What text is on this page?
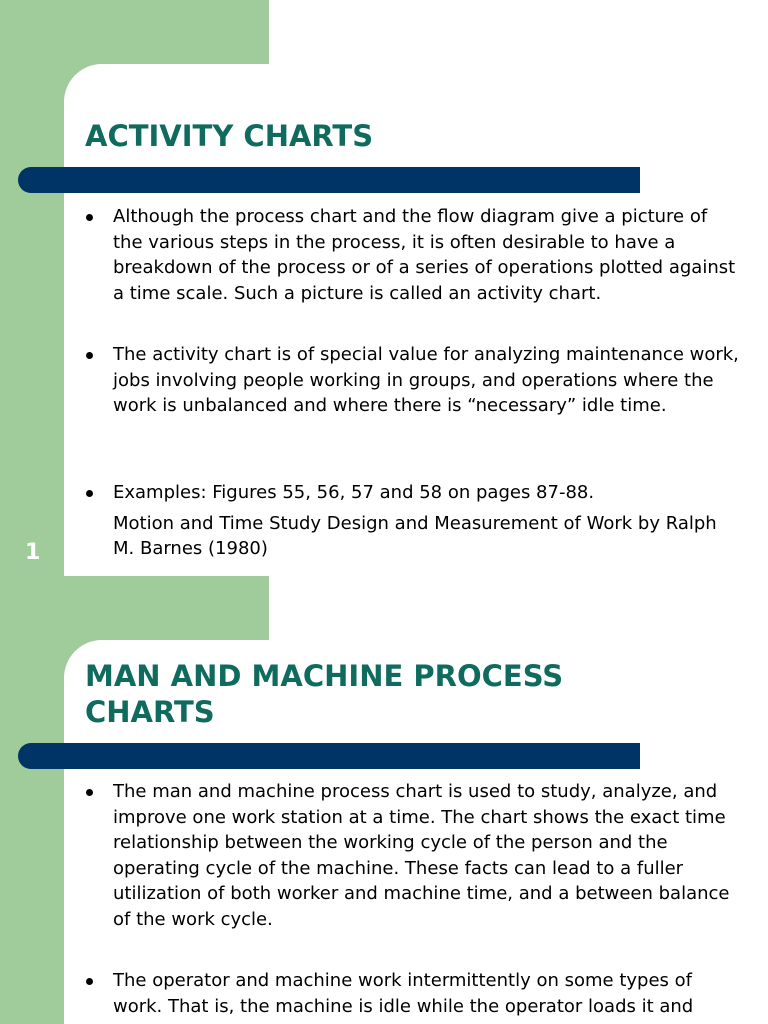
ACTIVITY CHARTS
Although the process chart and the flow diagram give a picture of the various steps in the process, it is often desirable to have a breakdown of the process or of a series of operations plotted against a time scale. Such a picture is called an activity chart.
The activity chart is of special value for analyzing maintenance work, jobs involving people working in groups, and operations where the work is unbalanced and where there is “necessary” idle time.
Examples: Figures 55, 56, 57 and 58 on pages 87-88.
Motion and Time Study Design and Measurement of Work by Ralph M. Barnes (1980)
1
MAN AND MACHINE PROCESS
CHARTS
The man and machine process chart is used to study, analyze, and improve one work station at a time. The chart shows the exact time relationship between the working cycle of the person and the operating cycle of the machine. These facts can lead to a fuller utilization of both worker and machine time, and a between balance of the work cycle.
The operator and machine work intermittently on some types of work. That is, the machine is idle while the operator loads it and
